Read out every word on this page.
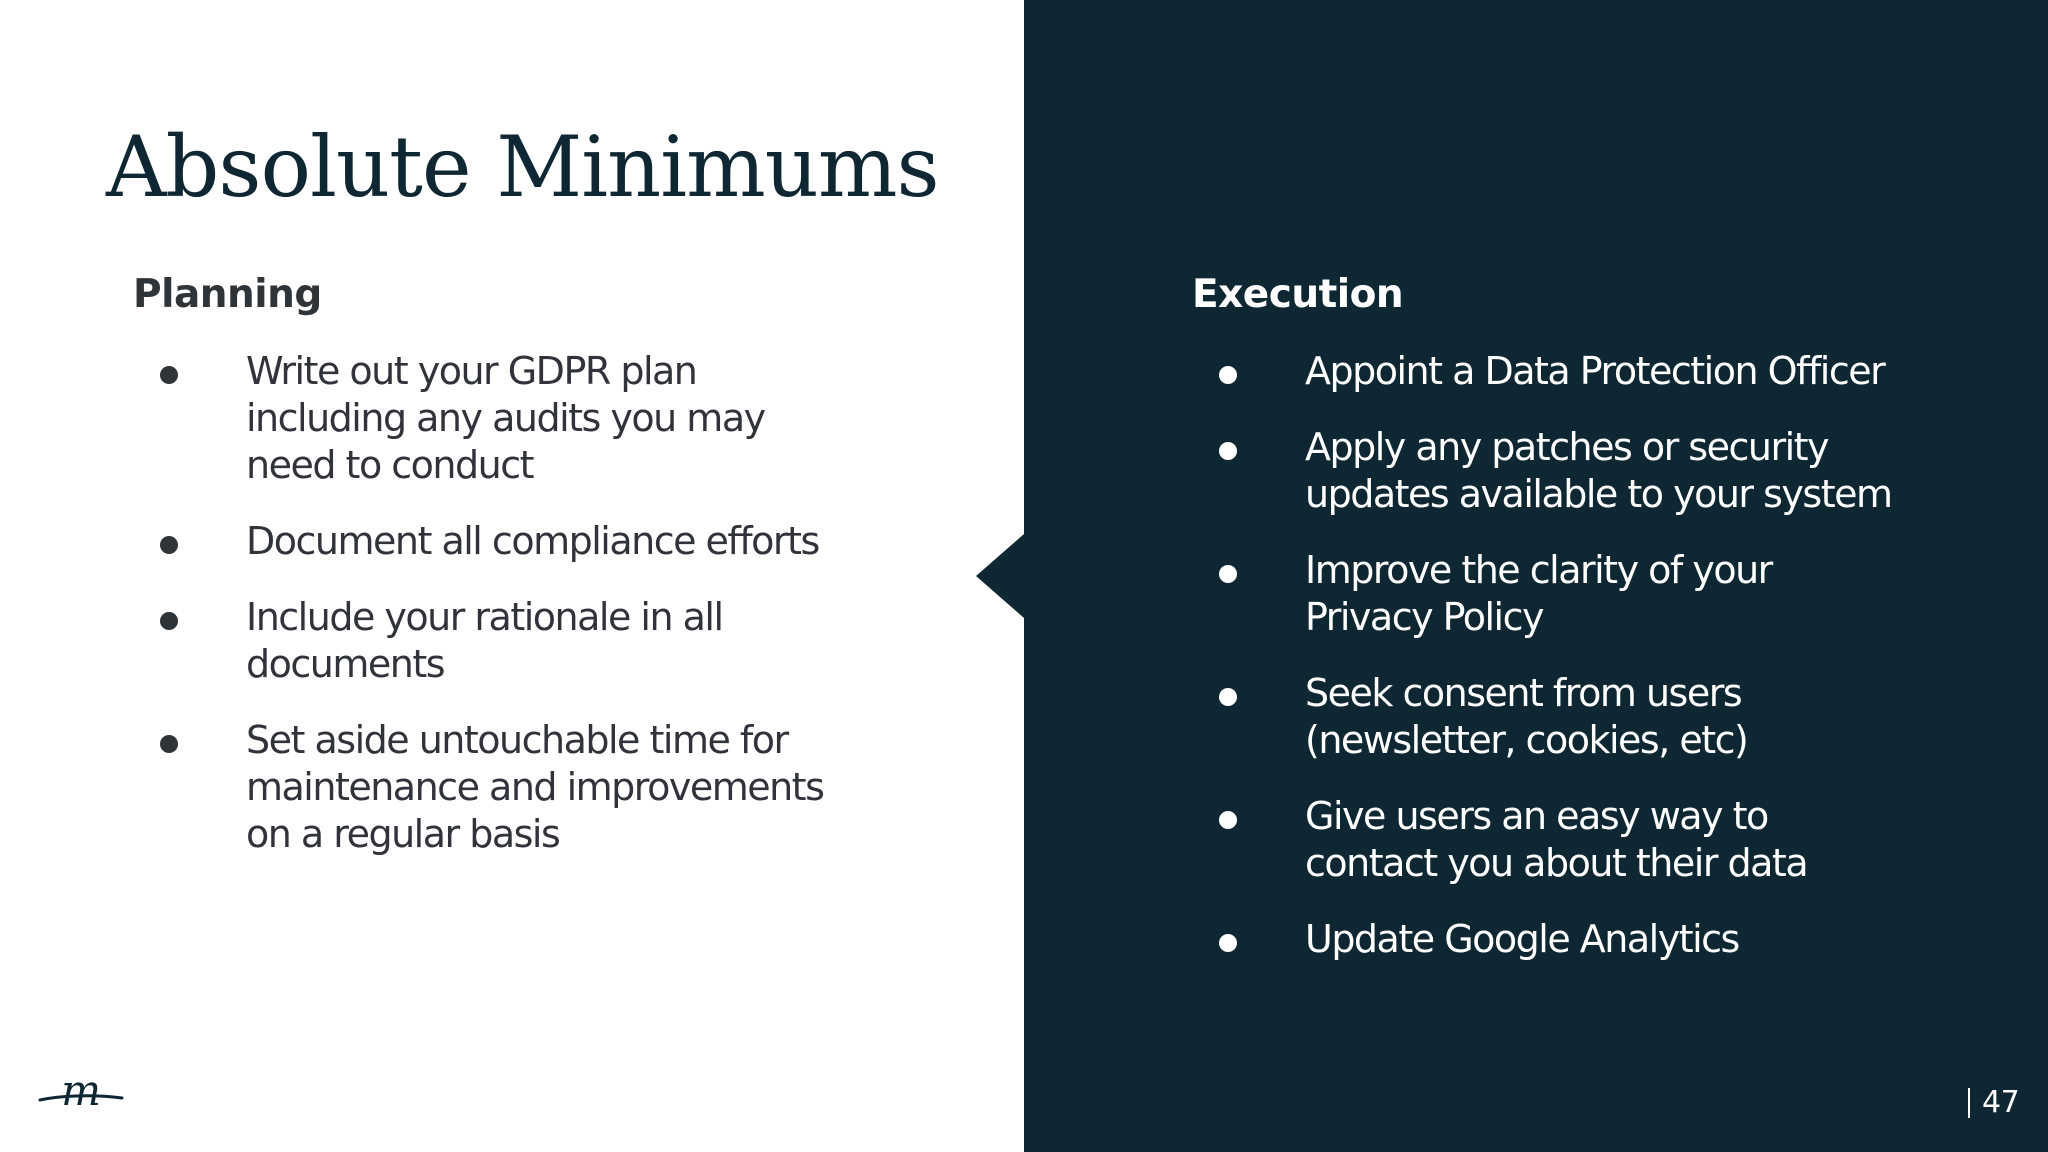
Absolute Minimums
Planning
Write out your GDPR plan
including any audits you may
need to conduct
Document all compliance efforts
Include your rationale in all
documents
Set aside untouchable time for
maintenance and improvements
on a regular basis
Execution
Appoint a Data Protection Officer
Apply any patches or security
updates available to your system
Improve the clarity of your
Privacy Policy
Seek consent from users
(newsletter, cookies, etc)
Give users an easy way to
contact you about their data
Update Google Analytics
m	47
